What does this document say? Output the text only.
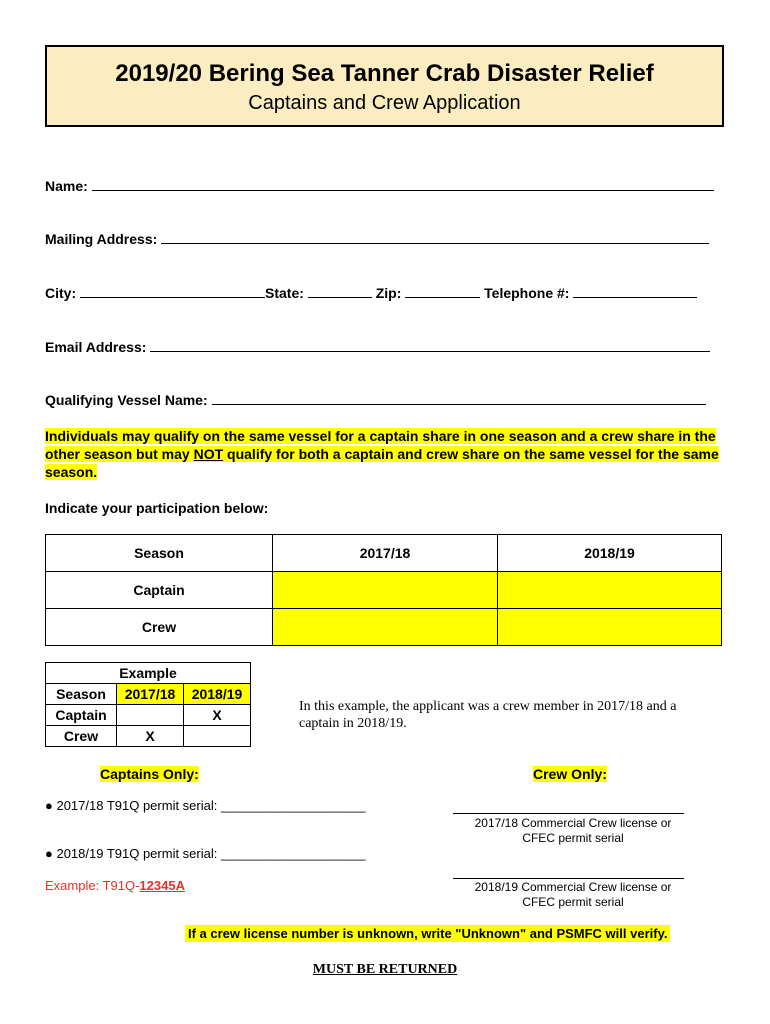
2019/20 Bering Sea Tanner Crab Disaster Relief
Captains and Crew Application
Name:
Mailing Address:
City:	State:	Zip:	Telephone #:
Email Address:
Qualifying Vessel Name:
Individuals may qualify on the same vessel for a captain share in one season and a crew share in the other season but may NOT qualify for both a captain and crew share on the same vessel for the same season.
Indicate your participation below:
Season	2017/18	2018/19
Captain		
Crew		
Example		
Season	2017/18	2018/19
Captain		X
Crew	X	
In this example, the applicant was a crew member in 2017/18 and a captain in 2018/19.
Captains Only:
● 2017/18 T91Q permit serial: ____________________
● 2018/19 T91Q permit serial: ____________________
Example: T91Q-12345A
Crew Only:
2017/18 Commercial Crew license or
CFEC permit serial
2018/19 Commercial Crew license or
CFEC permit serial
If a crew license number is unknown, write "Unknown" and PSMFC will verify.
MUST BE RETURNED
